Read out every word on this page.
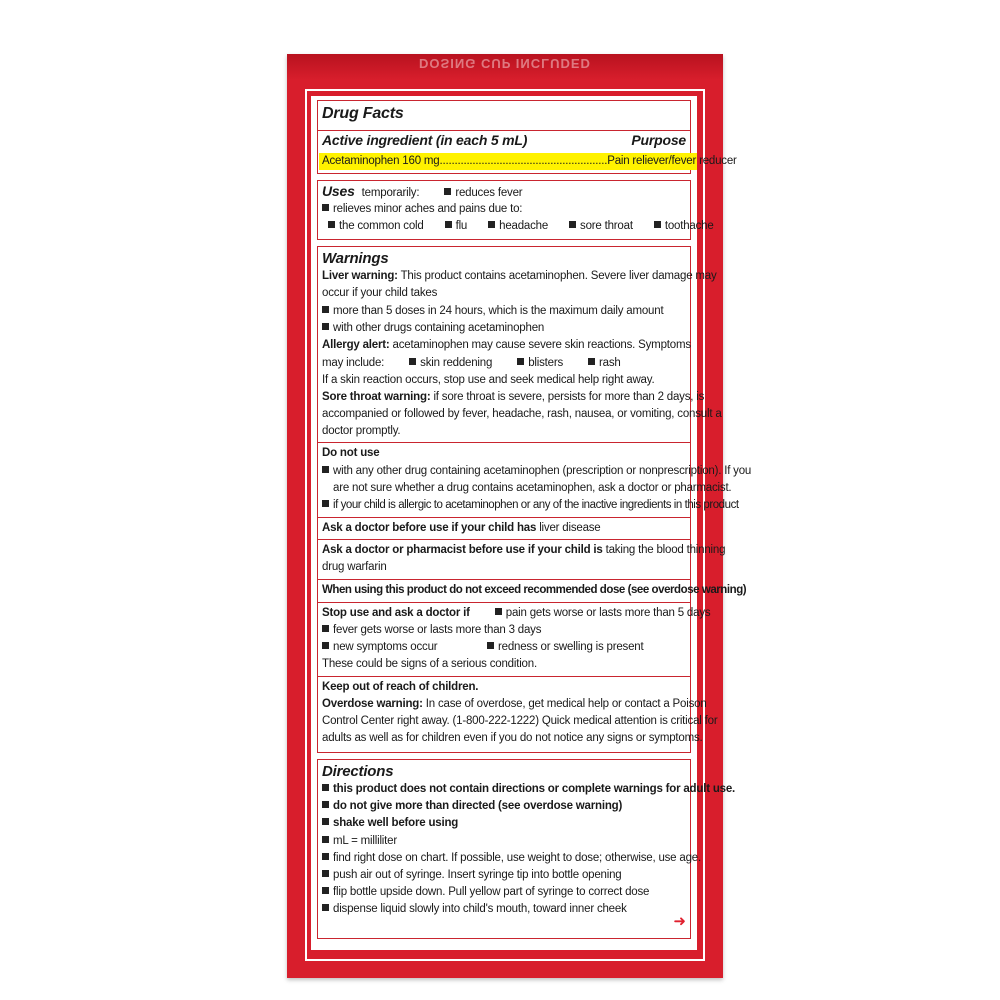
DOSING CUP INCLUDED
Drug Facts
Active ingredient (in each 5 mL)	Purpose
Acetaminophen 160 mg........................................................Pain reliever/fever reducer
Uses temporarily:	reduces fever
relieves minor aches and pains due to:
the common cold	flu	headache	sore throat	toothache
Warnings
Liver warning: This product contains acetaminophen. Severe liver damage may
occur if your child takes
more than 5 doses in 24 hours, which is the maximum daily amount
with other drugs containing acetaminophen
Allergy alert: acetaminophen may cause severe skin reactions. Symptoms
may include:	skin reddening	blisters	rash
If a skin reaction occurs, stop use and seek medical help right away.
Sore throat warning: if sore throat is severe, persists for more than 2 days, is
accompanied or followed by fever, headache, rash, nausea, or vomiting, consult a
doctor promptly.
Do not use
with any other drug containing acetaminophen (prescription or nonprescription). If you
are not sure whether a drug contains acetaminophen, ask a doctor or pharmacist.
if your child is allergic to acetaminophen or any of the inactive ingredients in this product
Ask a doctor before use if your child has liver disease
Ask a doctor or pharmacist before use if your child is taking the blood thinning
drug warfarin
When using this product do not exceed recommended dose (see overdose warning)
Stop use and ask a doctor if	pain gets worse or lasts more than 5 days
fever gets worse or lasts more than 3 days
new symptoms occur	redness or swelling is present
These could be signs of a serious condition.
Keep out of reach of children.
Overdose warning: In case of overdose, get medical help or contact a Poison
Control Center right away. (1-800-222-1222) Quick medical attention is critical for
adults as well as for children even if you do not notice any signs or symptoms.
Directions
this product does not contain directions or complete warnings for adult use.
do not give more than directed (see overdose warning)
shake well before using
mL = milliliter
find right dose on chart. If possible, use weight to dose; otherwise, use age.
push air out of syringe. Insert syringe tip into bottle opening
flip bottle upside down. Pull yellow part of syringe to correct dose
dispense liquid slowly into child's mouth, toward inner cheek
➜
